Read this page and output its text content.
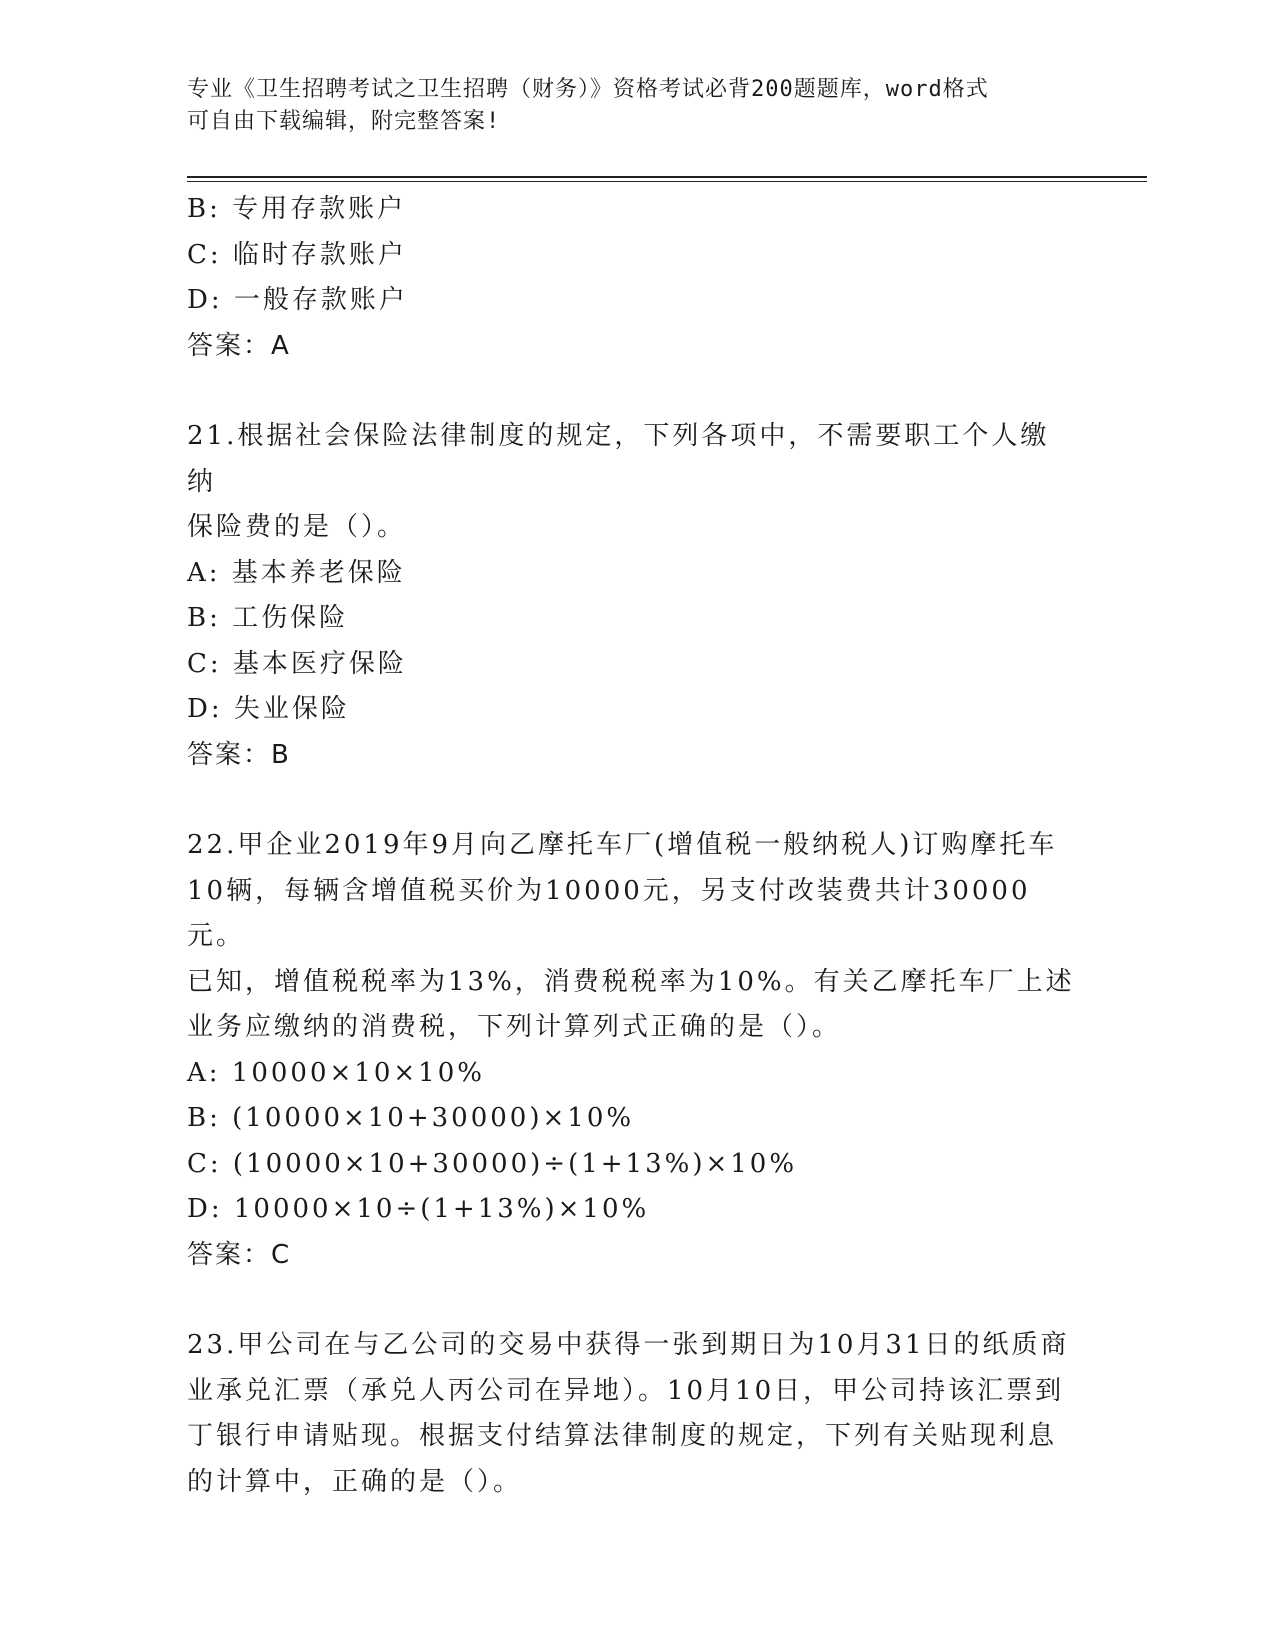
专业《卫生招聘考试之卫生招聘（财务）》资格考试必背200题题库，word格式
可自由下载编辑，附完整答案!

B: 专用存款账户

C: 临时存款账户

D: 一般存款账户

答案：A

21.根据社会保险法律制度的规定，下列各项中，不需要职工个人缴纳

保险费的是（）。

A: 基本养老保险

B: 工伤保险

C: 基本医疗保险

D: 失业保险

答案：B

22.甲企业2019年9月向乙摩托车厂(增值税一般纳税人)订购摩托车

10辆，每辆含增值税买价为10000元，另支付改装费共计30000元。

已知，增值税税率为13%，消费税税率为10%。有关乙摩托车厂上述

业务应缴纳的消费税，下列计算列式正确的是（）。

A: 10000×10×10%

B: (10000×10+30000)×10%

C: (10000×10+30000)÷(1+13%)×10%

D: 10000×10÷(1+13%)×10%

答案：C

23.甲公司在与乙公司的交易中获得一张到期日为10月31日的纸质商

业承兑汇票（承兑人丙公司在异地）。10月10日，甲公司持该汇票到

丁银行申请贴现。根据支付结算法律制度的规定，下列有关贴现利息

的计算中，正确的是（）。
